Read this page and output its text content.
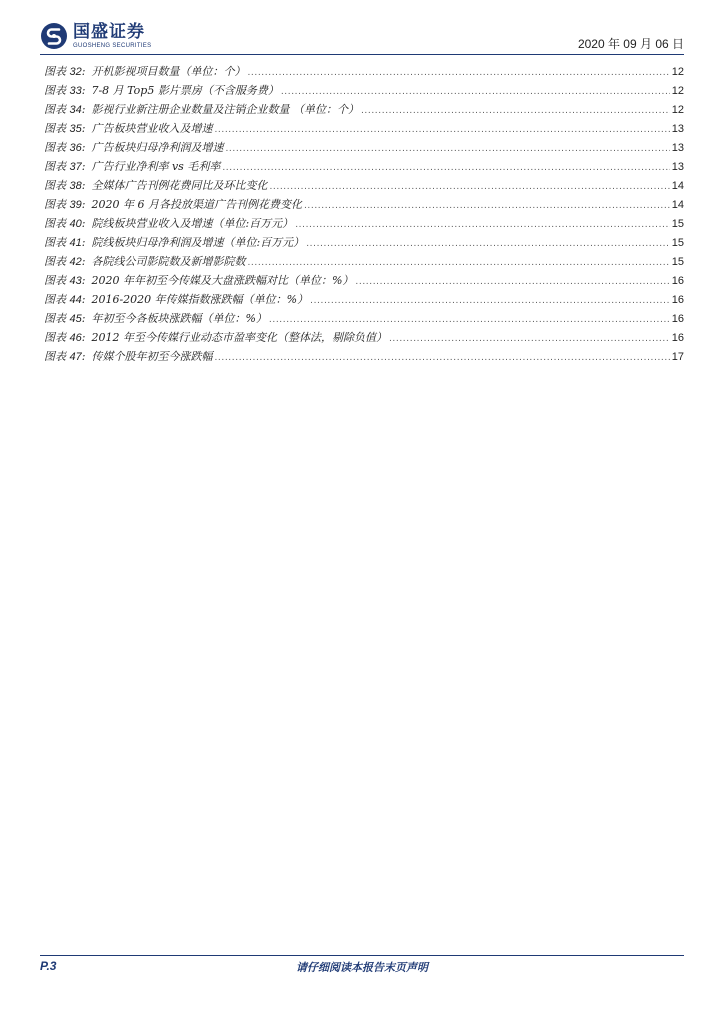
国盛证券
GUOSHENG SECURITIES	2020 年 09 月 06 日
图表 32: 开机影视项目数量（单位：个） .....	12
图表 33: 7-8 月 Top5 影片票房（不含服务费） .....	12
图表 34: 影视行业新注册企业数量及注销企业数量 （单位：个） .....	12
图表 35: 广告板块营业收入及增速 .....	13
图表 36: 广告板块归母净利润及增速 .....	13
图表 37: 广告行业净利率 vs 毛利率 .....	13
图表 38: 全媒体广告刊例花费同比及环比变化 .....	14
图表 39: 2020 年 6 月各投放渠道广告刊例花费变化 .....	14
图表 40: 院线板块营业收入及增速（单位:百万元） .....	15
图表 41: 院线板块归母净利润及增速（单位:百万元） .....	15
图表 42: 各院线公司影院数及新增影院数 .....	15
图表 43: 2020 年年初至今传媒及大盘涨跌幅对比（单位：%） .....	16
图表 44: 2016-2020 年传媒指数涨跌幅（单位：%） .....	16
图表 45: 年初至今各板块涨跌幅（单位：%） .....	16
图表 46: 2012 年至今传媒行业动态市盈率变化（整体法，剔除负值） .....	16
图表 47: 传媒个股年初至今涨跌幅 .....	17
P.3	请仔细阅读本报告末页声明
